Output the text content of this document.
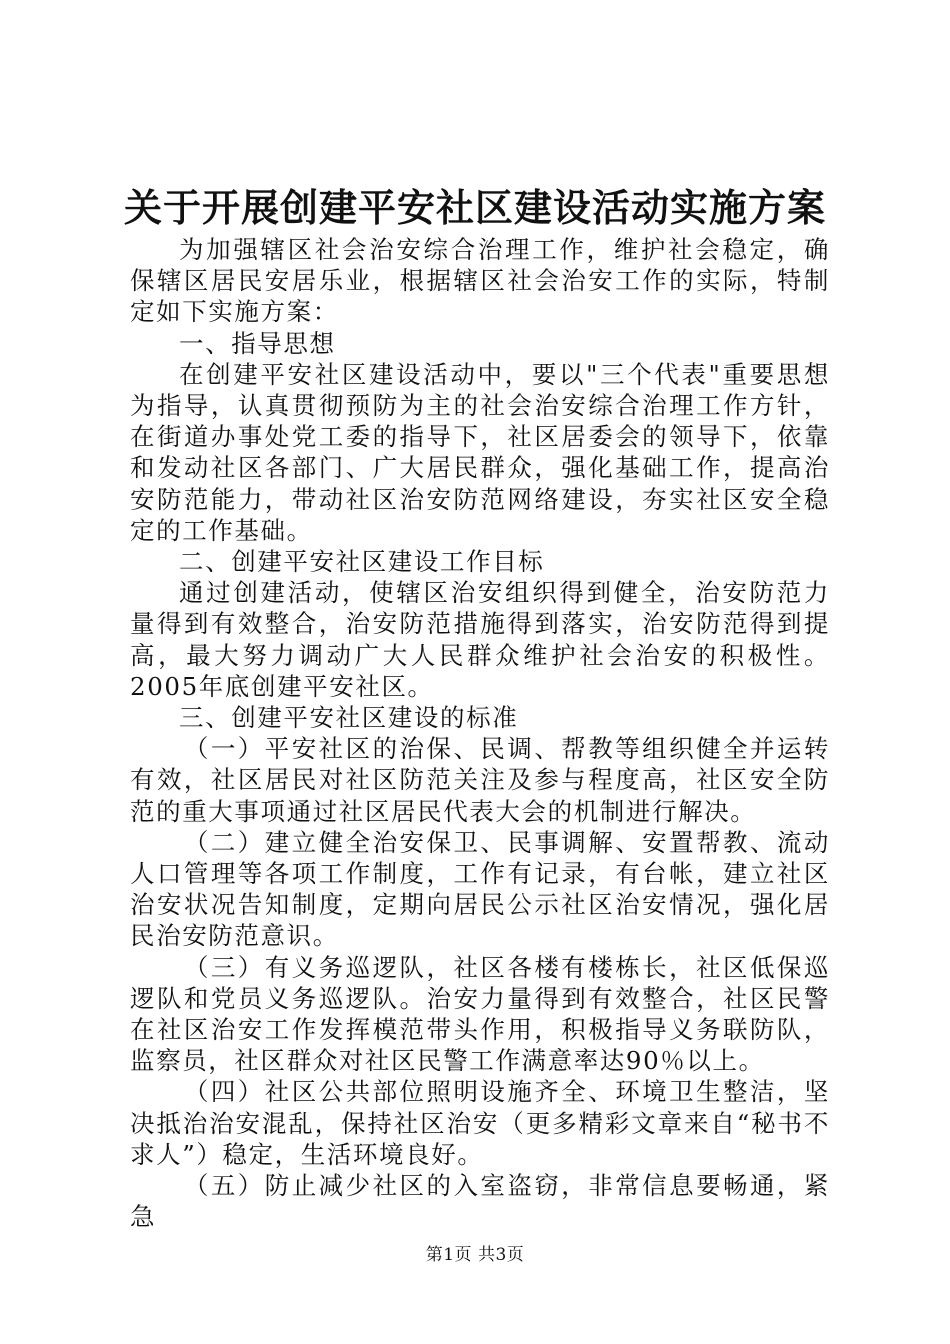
关于开展创建平安社区建设活动实施方案

为加强辖区社会治安综合治理工作，维护社会稳定，确保辖区居民安居乐业，根据辖区社会治安工作的实际，特制定如下实施方案：

一、指导思想

在创建平安社区建设活动中，要以"三个代表"重要思想为指导，认真贯彻预防为主的社会治安综合治理工作方针，在街道办事处党工委的指导下，社区居委会的领导下，依靠和发动社区各部门、广大居民群众，强化基础工作，提高治安防范能力，带动社区治安防范网络建设，夯实社区安全稳定的工作基础。

二、创建平安社区建设工作目标

通过创建活动，使辖区治安组织得到健全，治安防范力量得到有效整合，治安防范措施得到落实，治安防范得到提高，最大努力调动广大人民群众维护社会治安的积极性。2005年底创建平安社区。

三、创建平安社区建设的标准

（一）平安社区的治保、民调、帮教等组织健全并运转有效，社区居民对社区防范关注及参与程度高，社区安全防范的重大事项通过社区居民代表大会的机制进行解决。

（二）建立健全治安保卫、民事调解、安置帮教、流动人口管理等各项工作制度，工作有记录，有台帐，建立社区治安状况告知制度，定期向居民公示社区治安情况，强化居民治安防范意识。

（三）有义务巡逻队，社区各楼有楼栋长，社区低保巡逻队和党员义务巡逻队。治安力量得到有效整合，社区民警在社区治安工作发挥模范带头作用，积极指导义务联防队，监察员，社区群众对社区民警工作满意率达90％以上。

（四）社区公共部位照明设施齐全、环境卫生整洁，坚决抵治治安混乱，保持社区治安（更多精彩文章来自“秘书不求人”）稳定，生活环境良好。

（五）防止减少社区的入室盗窃，非常信息要畅通，紧急

第1页 共3页
